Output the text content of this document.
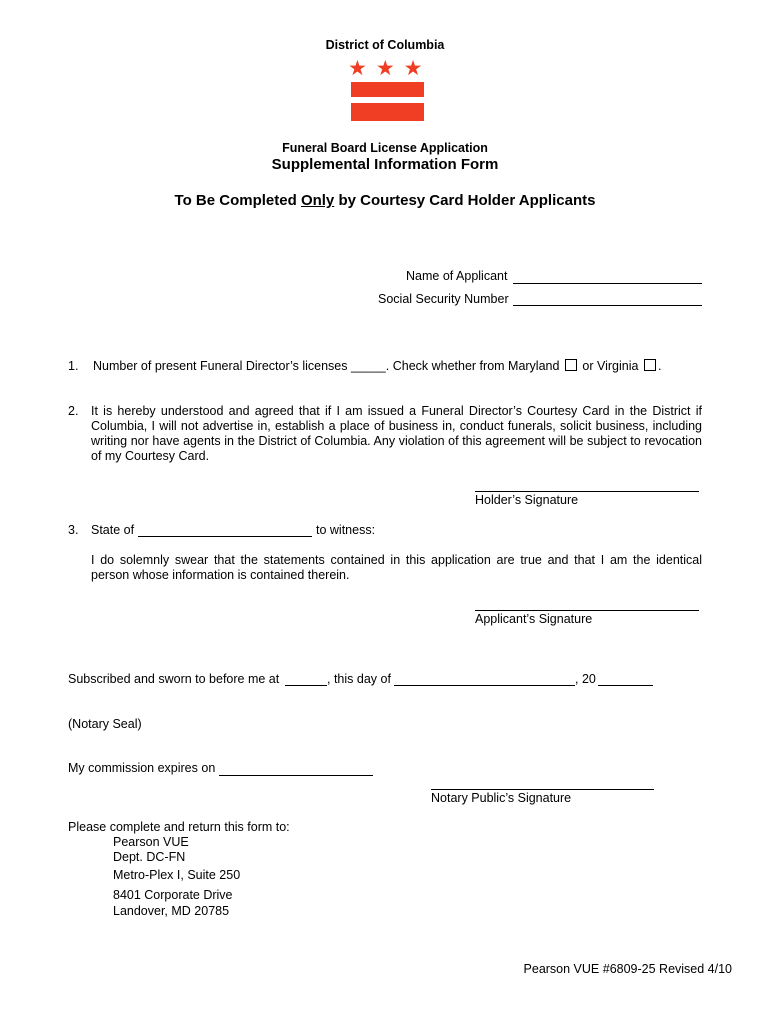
District of Columbia
★★★
Funeral Board License Application
Supplemental Information Form
To Be Completed Only by Courtesy Card Holder Applicants
Name of Applicant
Social Security Number
1. Number of present Funeral Director’s licenses _____. Check whether from Maryland or Virginia .
2. It is hereby understood and agreed that if I am issued a Funeral Director’s Courtesy Card in the District if Columbia, I will not advertise in, establish a place of business in, conduct funerals, solicit business, including writing nor have agents in the District of Columbia. Any violation of this agreement will be subject to revocation of my Courtesy Card.
Holder’s Signature
3. State of	to witness:
I do solemnly swear that the statements contained in this application are true and that I am the identical person whose information is contained therein.
Applicant’s Signature
Subscribed and sworn to before me at	, this day of	, 20
(Notary Seal)
My commission expires on
Notary Public’s Signature
Please complete and return this form to:
Pearson VUE
Dept. DC-FN
Metro-Plex I, Suite 250
8401 Corporate Drive
Landover, MD 20785
Pearson VUE #6809-25 Revised 4/10
